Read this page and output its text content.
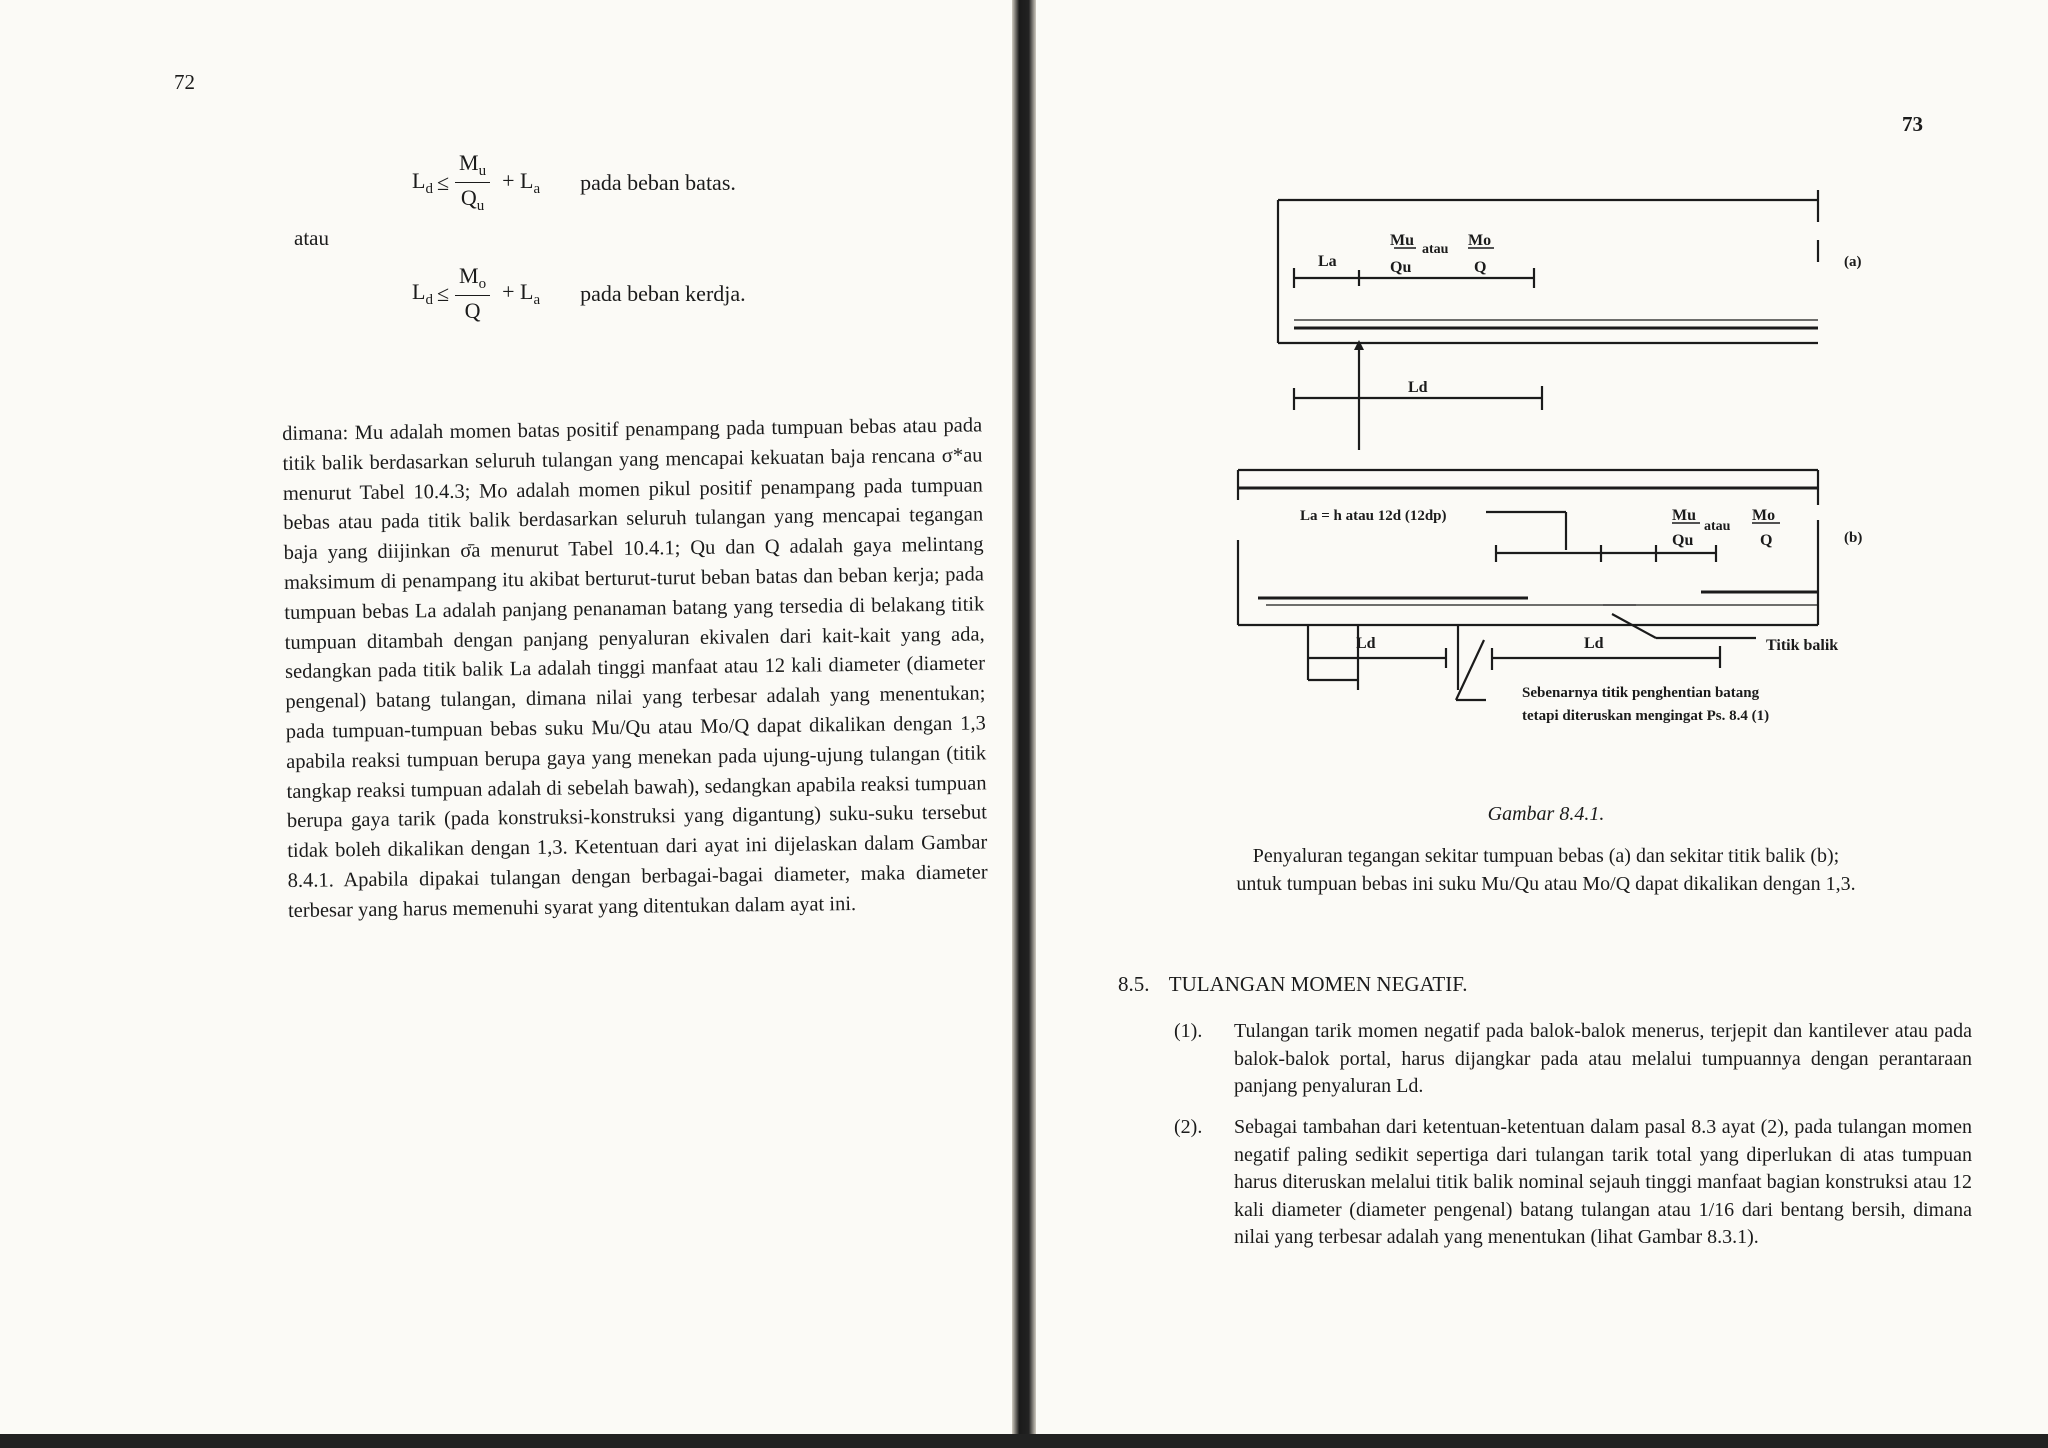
72
$L_d \le \frac{M_u}{Q_u} + L_a$ pada beban batas.
atau
$L_d \le \frac{M_o}{Q} + L_a$ pada beban kerdja.

dimana: Mu adalah momen batas positif penampang pada tumpuan bebas atau pada titik balik berdasarkan seluruh tulangan yang mencapai kekuatan baja rencana σ*au menurut Tabel 10.4.3; Mo adalah momen pikul positif penampang pada tumpuan bebas atau pada titik balik berdasarkan seluruh tulangan yang mencapai tegangan baja yang diijinkan σ̄a menurut Tabel 10.4.1; Qu dan Q adalah gaya melintang maksimum di penampang itu akibat berturut-turut beban batas dan beban kerja; pada tumpuan bebas La adalah panjang penanaman batang yang tersedia di belakang titik tumpuan ditambah dengan panjang penyaluran ekivalen dari kait-kait yang ada, sedangkan pada titik balik La adalah tinggi manfaat atau 12 kali diameter (diameter pengenal) batang tulangan, dimana nilai yang terbesar adalah yang menentukan; pada tumpuan-tumpuan bebas suku Mu/Qu atau Mo/Q dapat dikalikan dengan 1,3 apabila reaksi tumpuan berupa gaya yang menekan pada ujung-ujung tulangan (titik tangkap reaksi tumpuan adalah di sebelah bawah), sedangkan apabila reaksi tumpuan berupa gaya tarik (pada konstruksi-konstruksi yang digantung) suku-suku tersebut tidak boleh dikalikan dengan 1,3. Ketentuan dari ayat ini dijelaskan dalam Gambar 8.4.1. Apabila dipakai tulangan dengan berbagai-bagai diameter, maka diameter terbesar yang harus memenuhi syarat yang ditentukan dalam ayat ini.

73
La
Mu
Qu
atau
Mo
Q
Ld
(a)
La = h atau 12d (12dp)	Mu
Qu
atau
Mo
Q	(b)
Ld	Ld	Titik balik
Sebenarnya titik penghentian batang
tetapi diteruskan mengingat Ps. 8.4 (1)
Gambar 8.4.1.
Penyaluran tegangan sekitar tumpuan bebas (a) dan sekitar titik balik (b); untuk tumpuan bebas ini suku Mu/Qu atau Mo/Q dapat dikalikan dengan 1,3.
8.5. TULANGAN MOMEN NEGATIF.
(1). Tulangan tarik momen negatif pada balok-balok menerus, terjepit dan kantilever atau pada balok-balok portal, harus dijangkar pada atau melalui tumpuannya dengan perantaraan panjang penyaluran Ld.
(2). Sebagai tambahan dari ketentuan-ketentuan dalam pasal 8.3 ayat (2), pada tulangan momen negatif paling sedikit sepertiga dari tulangan tarik total yang diperlukan di atas tumpuan harus diteruskan melalui titik balik nominal sejauh tinggi manfaat bagian konstruksi atau 12 kali diameter (diameter pengenal) batang tulangan atau 1/16 dari bentang bersih, dimana nilai yang terbesar adalah yang menentukan (lihat Gambar 8.3.1).
